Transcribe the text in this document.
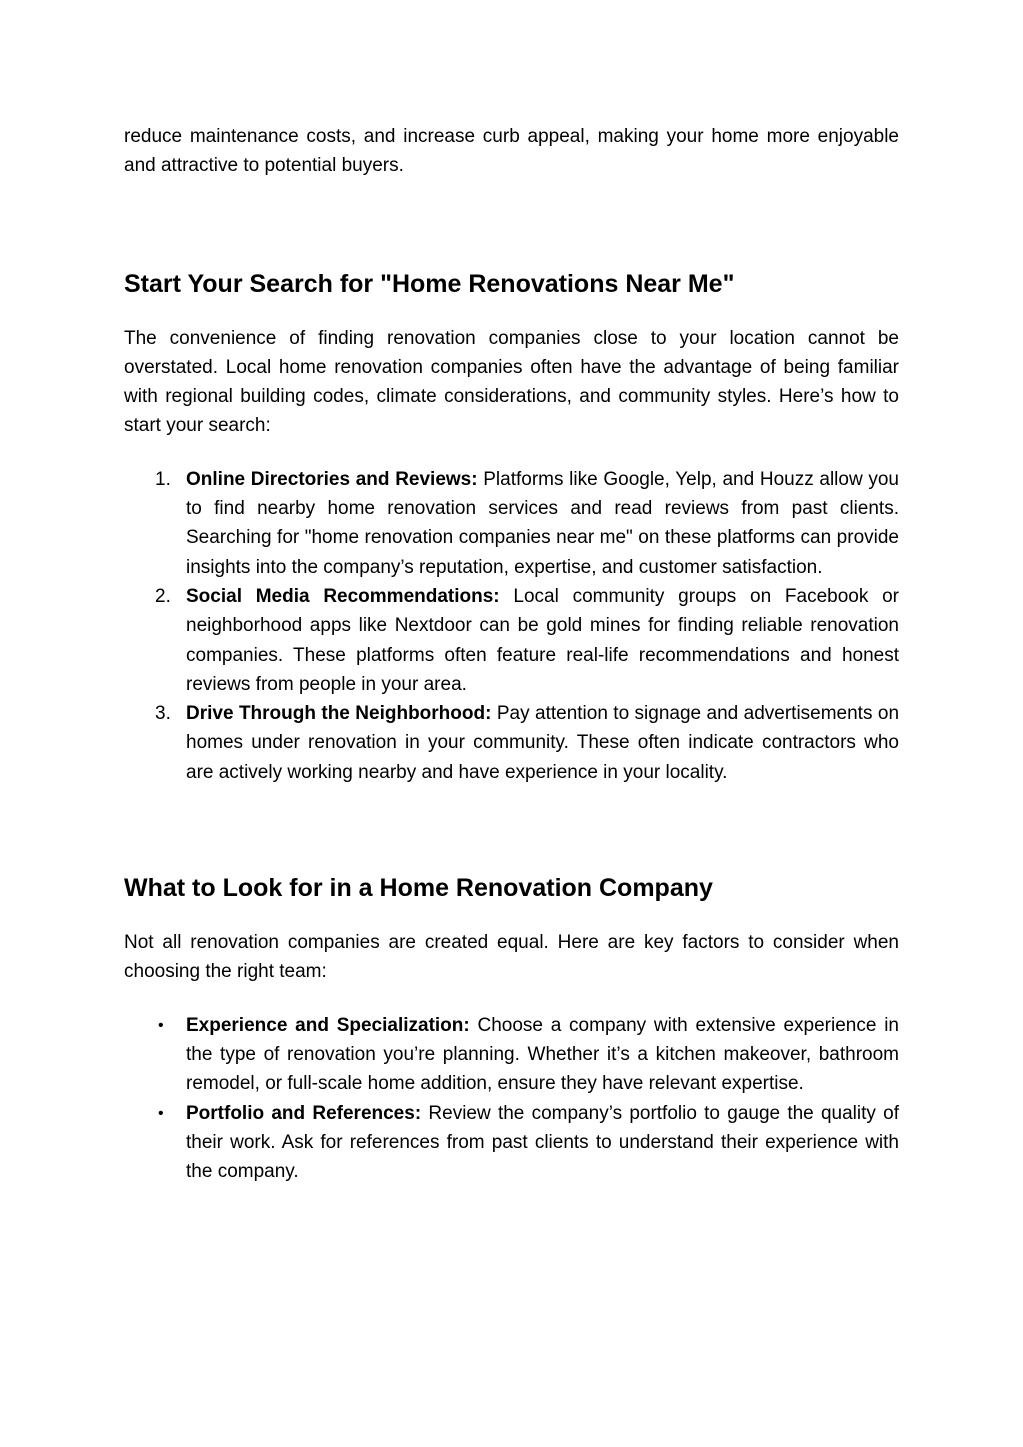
reduce maintenance costs, and increase curb appeal, making your home more enjoyable and attractive to potential buyers.

Start Your Search for "Home Renovations Near Me"

The convenience of finding renovation companies close to your location cannot be overstated. Local home renovation companies often have the advantage of being familiar with regional building codes, climate considerations, and community styles. Here’s how to start your search:

1. Online Directories and Reviews: Platforms like Google, Yelp, and Houzz allow you to find nearby home renovation services and read reviews from past clients. Searching for "home renovation companies near me" on these platforms can provide insights into the company’s reputation, expertise, and customer satisfaction.
2. Social Media Recommendations: Local community groups on Facebook or neighborhood apps like Nextdoor can be gold mines for finding reliable renovation companies. These platforms often feature real-life recommendations and honest reviews from people in your area.
3. Drive Through the Neighborhood: Pay attention to signage and advertisements on homes under renovation in your community. These often indicate contractors who are actively working nearby and have experience in your locality.
What to Look for in a Home Renovation Company

Not all renovation companies are created equal. Here are key factors to consider when choosing the right team:

• Experience and Specialization: Choose a company with extensive experience in the type of renovation you’re planning. Whether it’s a kitchen makeover, bathroom remodel, or full-scale home addition, ensure they have relevant expertise.
• Portfolio and References: Review the company’s portfolio to gauge the quality of their work. Ask for references from past clients to understand their experience with the company.
